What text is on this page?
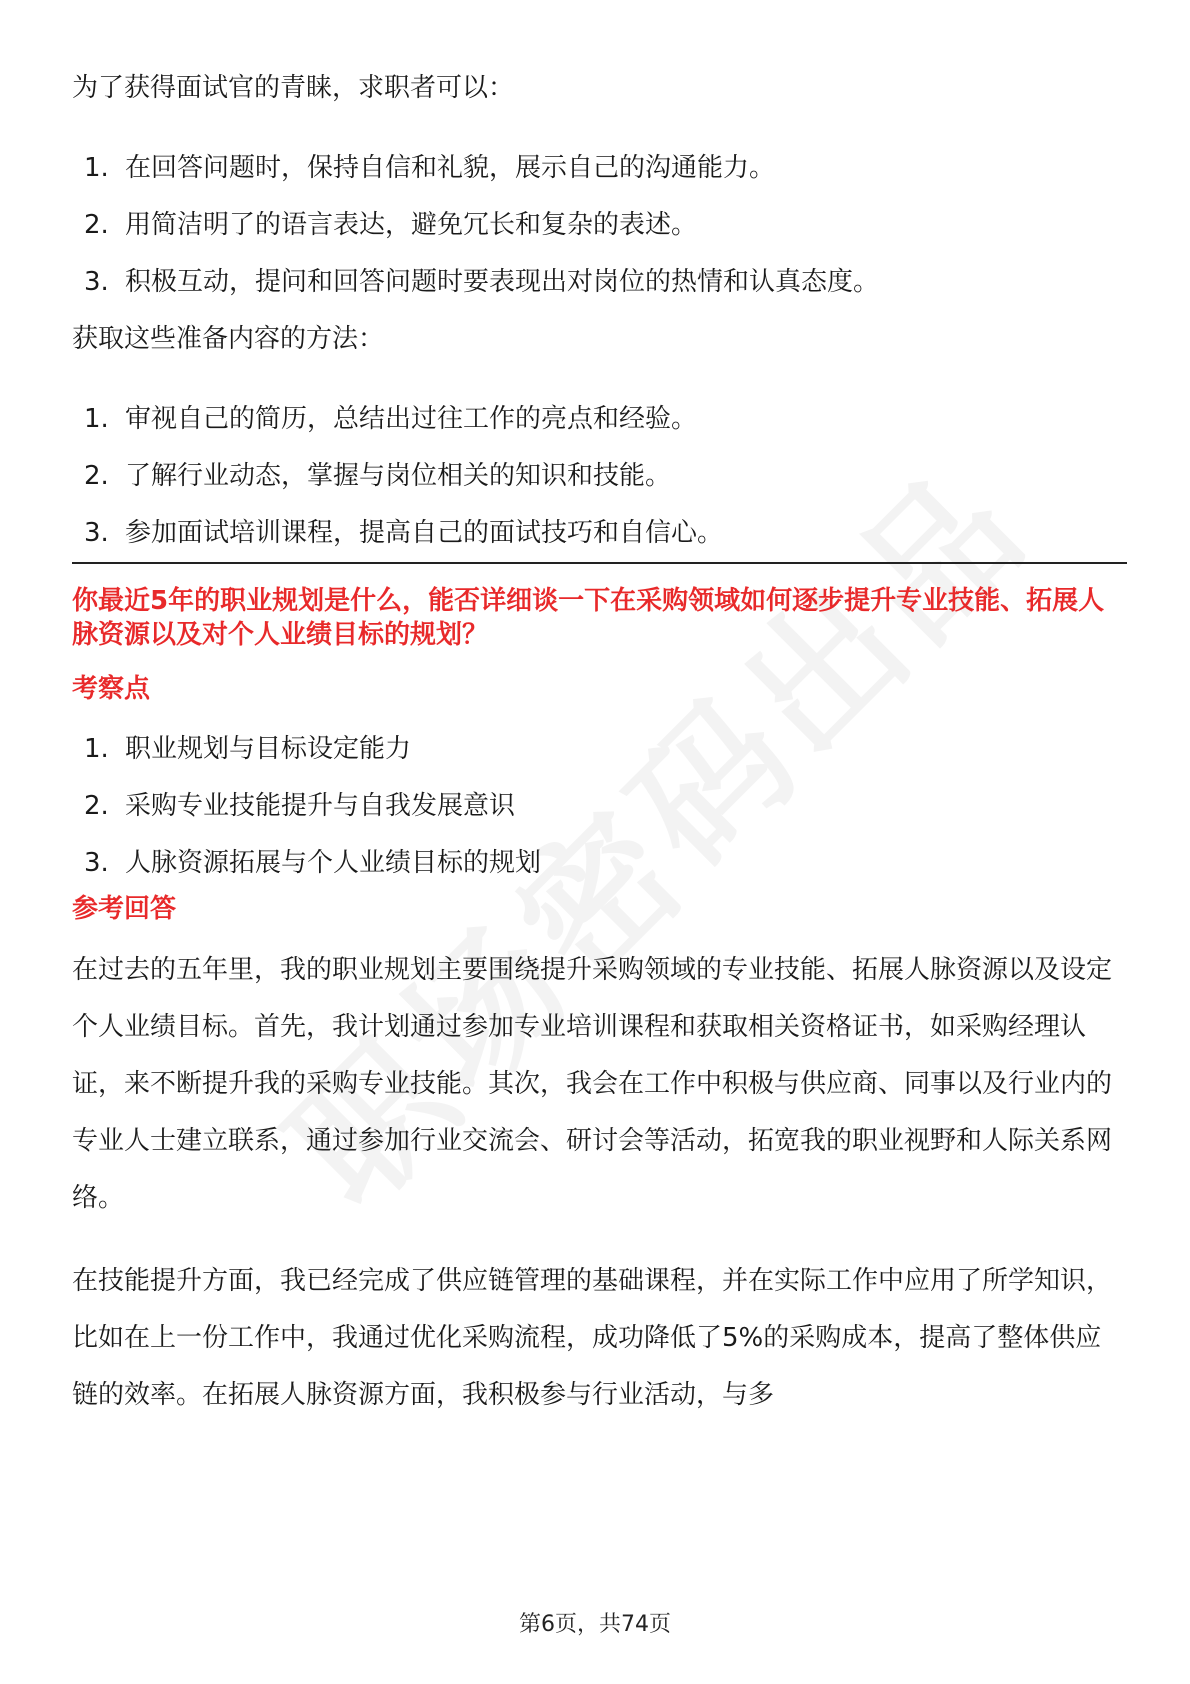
为了获得面试官的青睐，求职者可以：

1. 在回答问题时，保持自信和礼貌，展示自己的沟通能力。
2. 用简洁明了的语言表达，避免冗长和复杂的表述。
3. 积极互动，提问和回答问题时要表现出对岗位的热情和认真态度。

获取这些准备内容的方法：

1. 审视自己的简历，总结出过往工作的亮点和经验。
2. 了解行业动态，掌握与岗位相关的知识和技能。
3. 参加面试培训课程，提高自己的面试技巧和自信心。

你最近5年的职业规划是什么，能否详细谈一下在采购领域如何逐步提升专业技能、拓展人脉资源以及对个人业绩目标的规划？

考察点

1. 职业规划与目标设定能力
2. 采购专业技能提升与自我发展意识
3. 人脉资源拓展与个人业绩目标的规划

参考回答

在过去的五年里，我的职业规划主要围绕提升采购领域的专业技能、拓展人脉资源以及设定个人业绩目标。首先，我计划通过参加专业培训课程和获取相关资格证书，如采购经理认证，来不断提升我的采购专业技能。其次，我会在工作中积极与供应商、同事以及行业内的专业人士建立联系，通过参加行业交流会、研讨会等活动，拓宽我的职业视野和人际关系网络。

在技能提升方面，我已经完成了供应链管理的基础课程，并在实际工作中应用了所学知识，比如在上一份工作中，我通过优化采购流程，成功降低了5%的采购成本，提高了整体供应链的效率。在拓展人脉资源方面，我积极参与行业活动，与多

第6页，共74页
